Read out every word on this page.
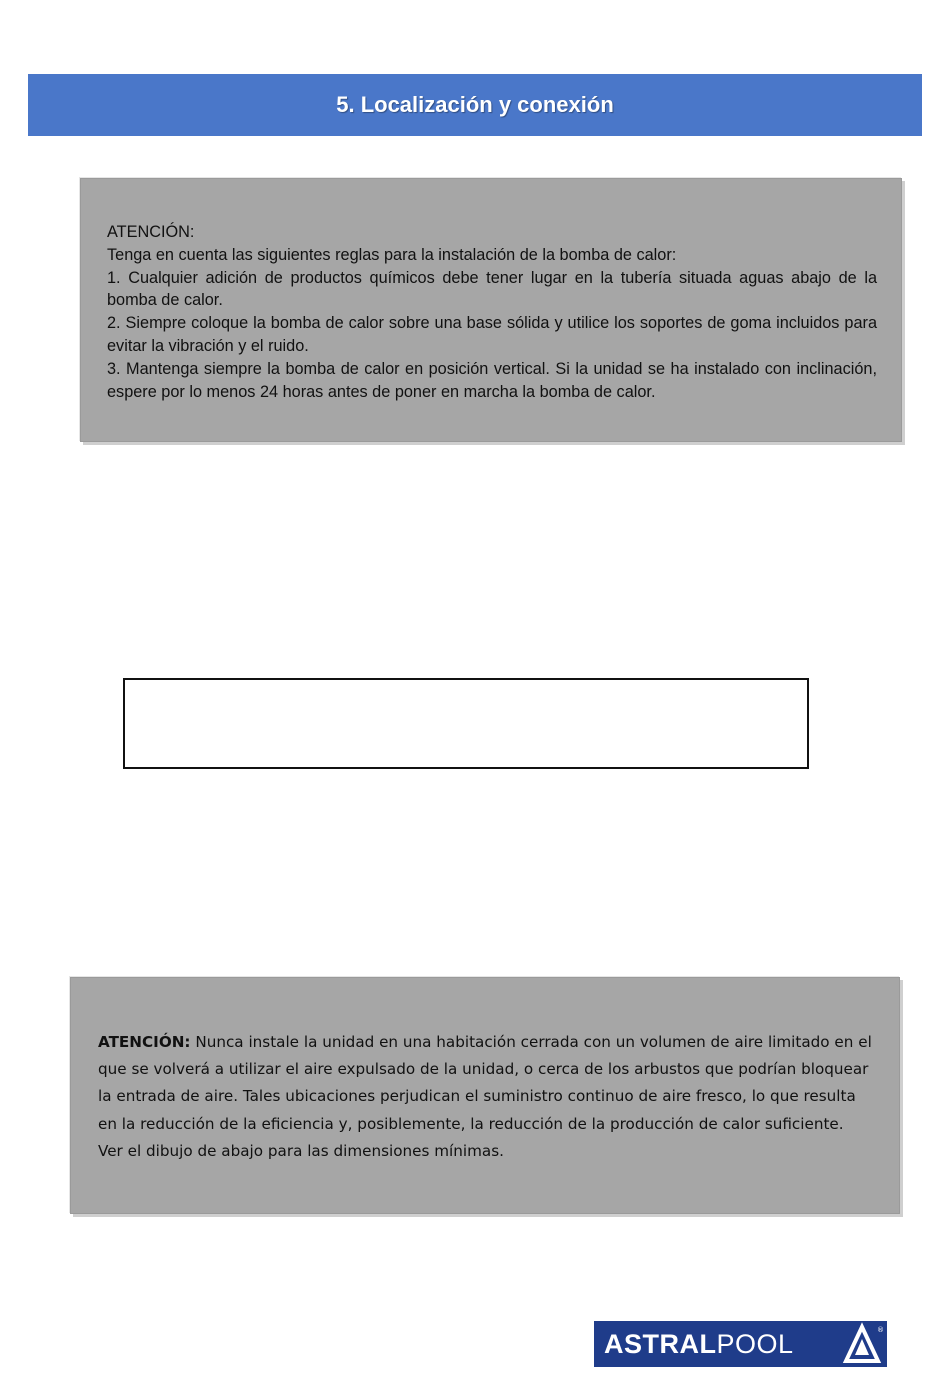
5. Localización y conexión

ATENCIÓN:

Tenga en cuenta las siguientes reglas para la instalación de la bomba de calor:

1. Cualquier adición de productos químicos debe tener lugar en la tubería situada aguas abajo de la bomba de calor.

2. Siempre coloque la bomba de calor sobre una base sólida y utilice los soportes de goma incluidos para evitar la vibración y el ruido.

3. Mantenga siempre la bomba de calor en posición vertical. Si la unidad se ha instalado con inclinación, espere por lo menos 24 horas antes de poner en marcha la bomba de calor.

ATENCIÓN: Nunca instale la unidad en una habitación cerrada con un volumen de aire limitado en el que se volverá a utilizar el aire expulsado de la unidad, o cerca de los arbustos que podrían bloquear la entrada de aire. Tales ubicaciones perjudican el suministro continuo de aire fresco, lo que resulta en la reducción de la eficiencia y, posiblemente, la reducción de la producción de calor suficiente.

Ver el dibujo de abajo para las dimensiones mínimas.

ASTRAL POOL	®
